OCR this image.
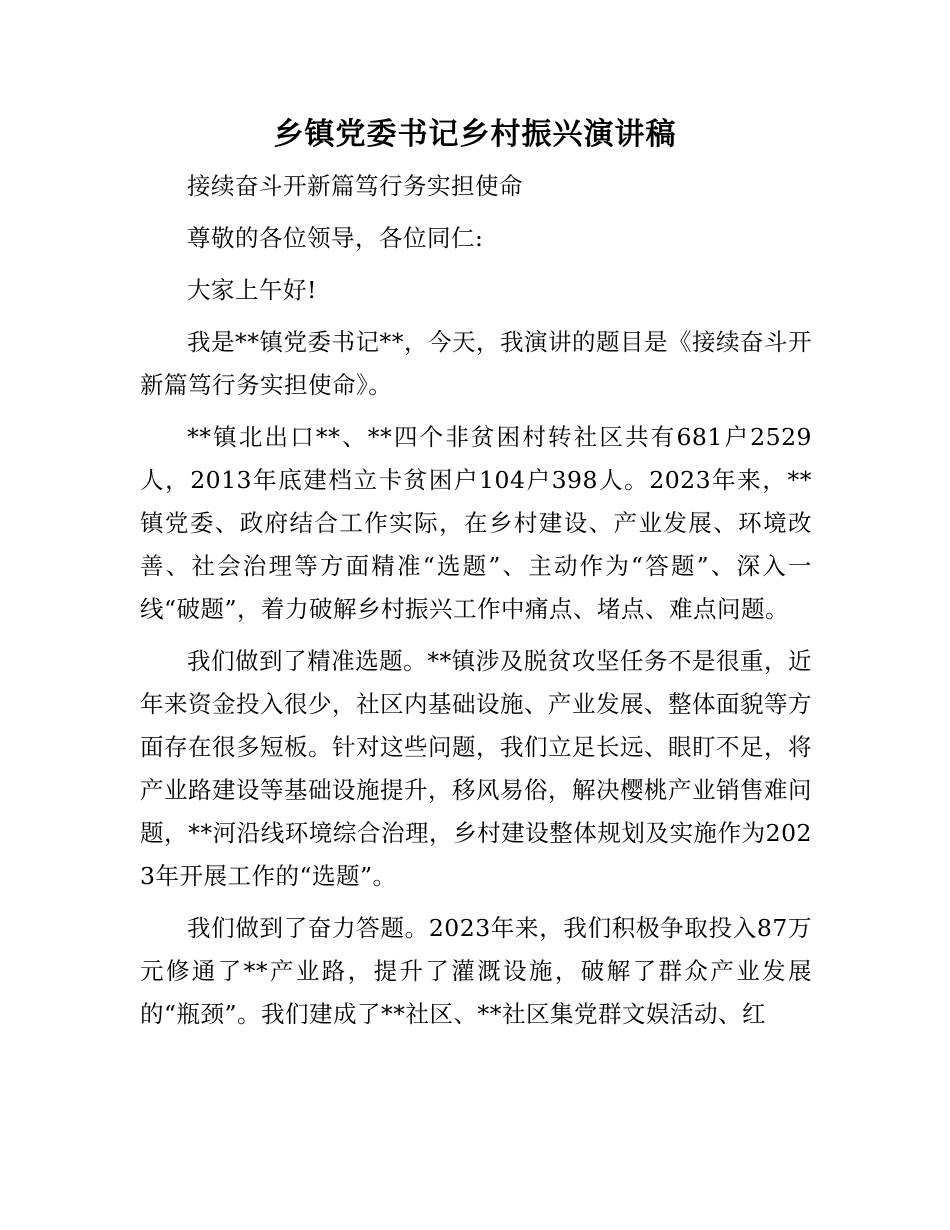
乡镇党委书记乡村振兴演讲稿

接续奋斗开新篇笃行务实担使命

尊敬的各位领导，各位同仁:

大家上午好!

我是**镇党委书记**，今天，我演讲的题目是《接续奋斗开新篇笃行务实担使命》。

**镇北出口**、**四个非贫困村转社区共有681户2529人，2013年底建档立卡贫困户104户398人。2023年来，**镇党委、政府结合工作实际，在乡村建设、产业发展、环境改善、社会治理等方面精准“选题”、主动作为“答题”、深入一线“破题”，着力破解乡村振兴工作中痛点、堵点、难点问题。

我们做到了精准选题。**镇涉及脱贫攻坚任务不是很重，近年来资金投入很少，社区内基础设施、产业发展、整体面貌等方面存在很多短板。针对这些问题，我们立足长远、眼盯不足，将产业路建设等基础设施提升，移风易俗，解决樱桃产业销售难问题，**河沿线环境综合治理，乡村建设整体规划及实施作为2023年开展工作的“选题”。

我们做到了奋力答题。2023年来，我们积极争取投入87万元修通了**产业路，提升了灌溉设施，破解了群众产业发展的“瓶颈”。我们建成了**社区、**社区集党群文娱活动、红
